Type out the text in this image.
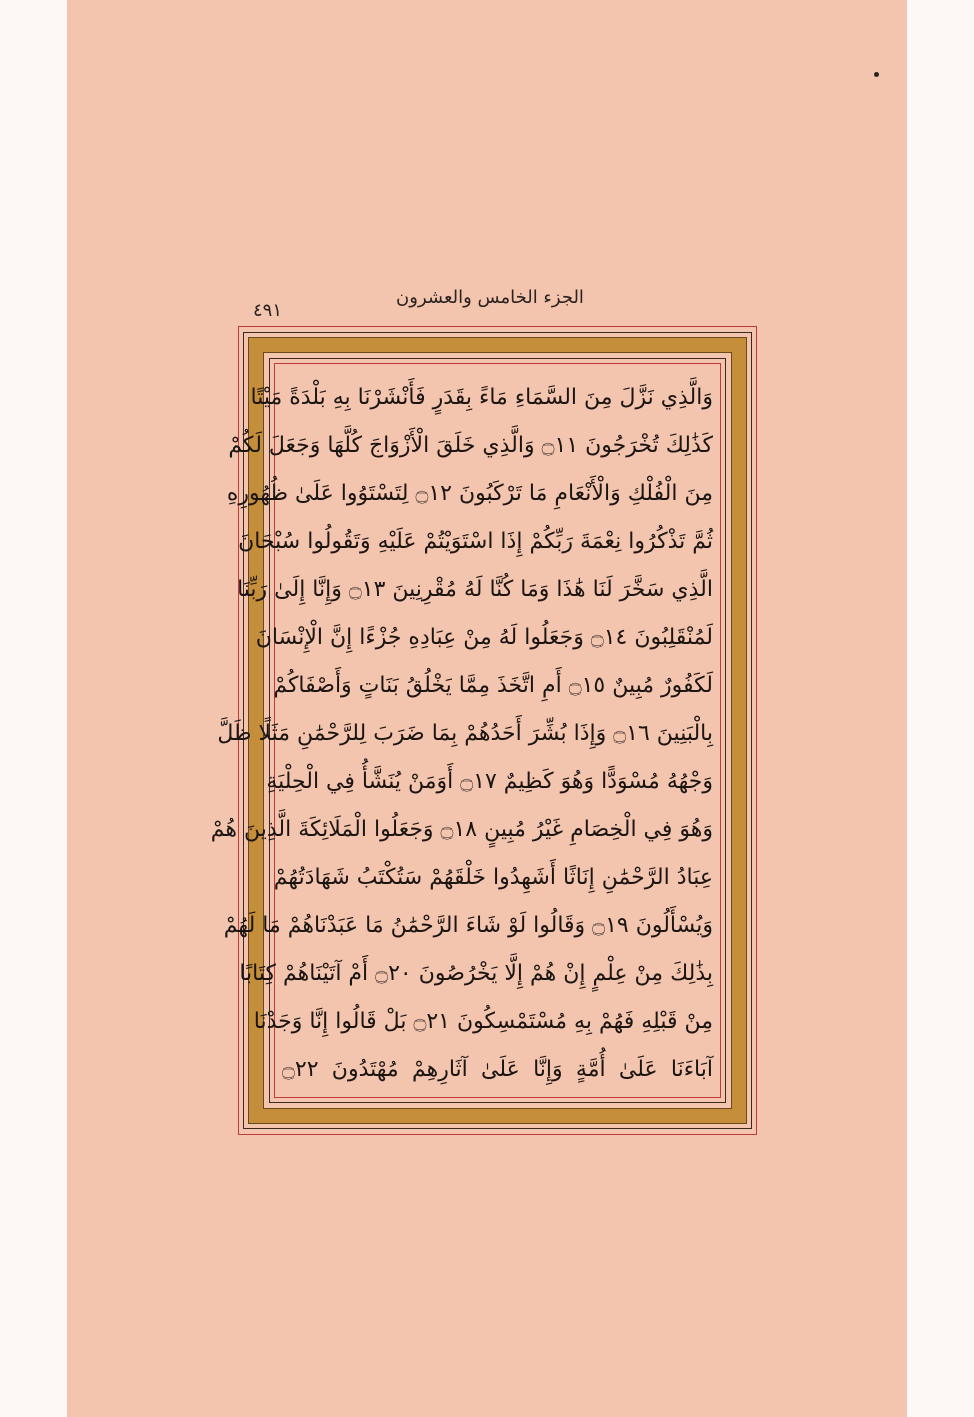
٤٩١
الجزء الخامس والعشرون
وَالَّذِي نَزَّلَ مِنَ السَّمَاءِ مَاءً بِقَدَرٍ فَأَنْشَرْنَا بِهِ بَلْدَةً مَيْتًا
كَذَٰلِكَ تُخْرَجُونَ ۝١١ وَالَّذِي خَلَقَ الْأَزْوَاجَ كُلَّهَا وَجَعَلَ لَكُمْ
مِنَ الْفُلْكِ وَالْأَنْعَامِ مَا تَرْكَبُونَ ۝١٢ لِتَسْتَوُوا عَلَىٰ ظُهُورِهِ
ثُمَّ تَذْكُرُوا نِعْمَةَ رَبِّكُمْ إِذَا اسْتَوَيْتُمْ عَلَيْهِ وَتَقُولُوا سُبْحَانَ
الَّذِي سَخَّرَ لَنَا هَٰذَا وَمَا كُنَّا لَهُ مُقْرِنِينَ ۝١٣ وَإِنَّا إِلَىٰ رَبِّنَا
لَمُنْقَلِبُونَ ۝١٤ وَجَعَلُوا لَهُ مِنْ عِبَادِهِ جُزْءًا إِنَّ الْإِنْسَانَ
لَكَفُورٌ مُبِينٌ ۝١٥ أَمِ اتَّخَذَ مِمَّا يَخْلُقُ بَنَاتٍ وَأَصْفَاكُمْ
بِالْبَنِينَ ۝١٦ وَإِذَا بُشِّرَ أَحَدُهُمْ بِمَا ضَرَبَ لِلرَّحْمَٰنِ مَثَلًا ظَلَّ
وَجْهُهُ مُسْوَدًّا وَهُوَ كَظِيمٌ ۝١٧ أَوَمَنْ يُنَشَّأُ فِي الْحِلْيَةِ
وَهُوَ فِي الْخِصَامِ غَيْرُ مُبِينٍ ۝١٨ وَجَعَلُوا الْمَلَائِكَةَ الَّذِينَ هُمْ
عِبَادُ الرَّحْمَٰنِ إِنَاثًا أَشَهِدُوا خَلْقَهُمْ سَتُكْتَبُ شَهَادَتُهُمْ
وَيُسْأَلُونَ ۝١٩ وَقَالُوا لَوْ شَاءَ الرَّحْمَٰنُ مَا عَبَدْنَاهُمْ مَا لَهُمْ
بِذَٰلِكَ مِنْ عِلْمٍ إِنْ هُمْ إِلَّا يَخْرُصُونَ ۝٢٠ أَمْ آتَيْنَاهُمْ كِتَابًا
مِنْ قَبْلِهِ فَهُمْ بِهِ مُسْتَمْسِكُونَ ۝٢١ بَلْ قَالُوا إِنَّا وَجَدْنَا
آبَاءَنَا عَلَىٰ أُمَّةٍ وَإِنَّا عَلَىٰ آثَارِهِمْ مُهْتَدُونَ ۝٢٢
